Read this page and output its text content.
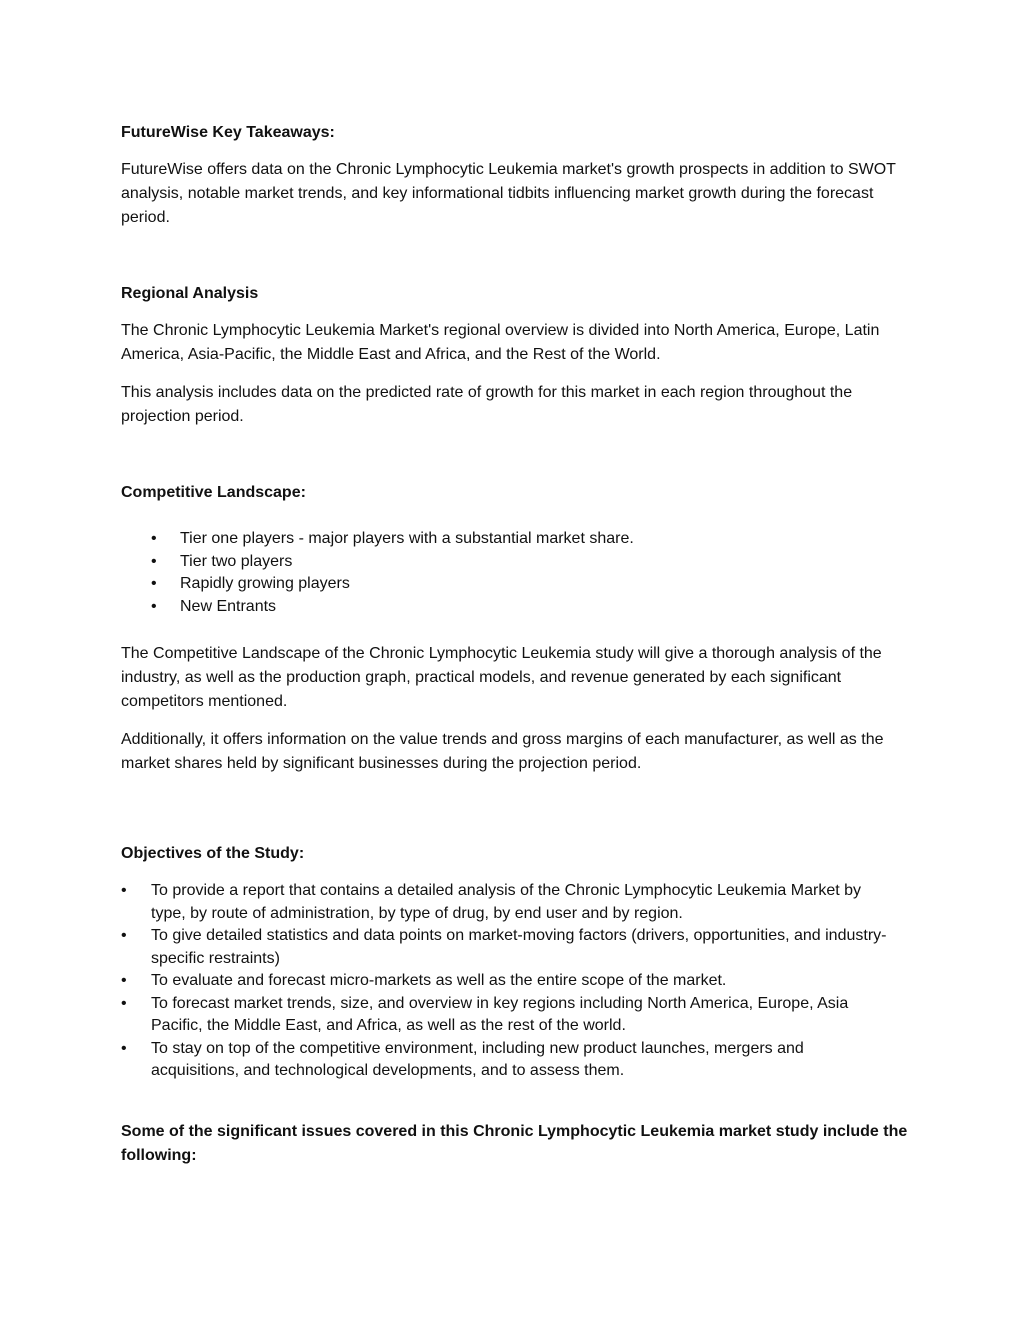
FutureWise Key Takeaways:

FutureWise offers data on the Chronic Lymphocytic Leukemia market's growth prospects in addition to SWOT analysis, notable market trends, and key informational tidbits influencing market growth during the forecast period.

Regional Analysis

The Chronic Lymphocytic Leukemia Market's regional overview is divided into North America, Europe, Latin America, Asia-Pacific, the Middle East and Africa, and the Rest of the World.

This analysis includes data on the predicted rate of growth for this market in each region throughout the projection period.

Competitive Landscape:
• Tier one players - major players with a substantial market share.
• Tier two players
• Rapidly growing players
• New Entrants

The Competitive Landscape of the Chronic Lymphocytic Leukemia study will give a thorough analysis of the industry, as well as the production graph, practical models, and revenue generated by each significant competitors mentioned.

Additionally, it offers information on the value trends and gross margins of each manufacturer, as well as the market shares held by significant businesses during the projection period.

Objectives of the Study:
• To provide a report that contains a detailed analysis of the Chronic Lymphocytic Leukemia Market by type, by route of administration, by type of drug, by end user and by region.
• To give detailed statistics and data points on market-moving factors (drivers, opportunities, and industry-specific restraints)
• To evaluate and forecast micro-markets as well as the entire scope of the market.
• To forecast market trends, size, and overview in key regions including North America, Europe, Asia Pacific, the Middle East, and Africa, as well as the rest of the world.
• To stay on top of the competitive environment, including new product launches, mergers and acquisitions, and technological developments, and to assess them.
Some of the significant issues covered in this Chronic Lymphocytic Leukemia market study include the following:
